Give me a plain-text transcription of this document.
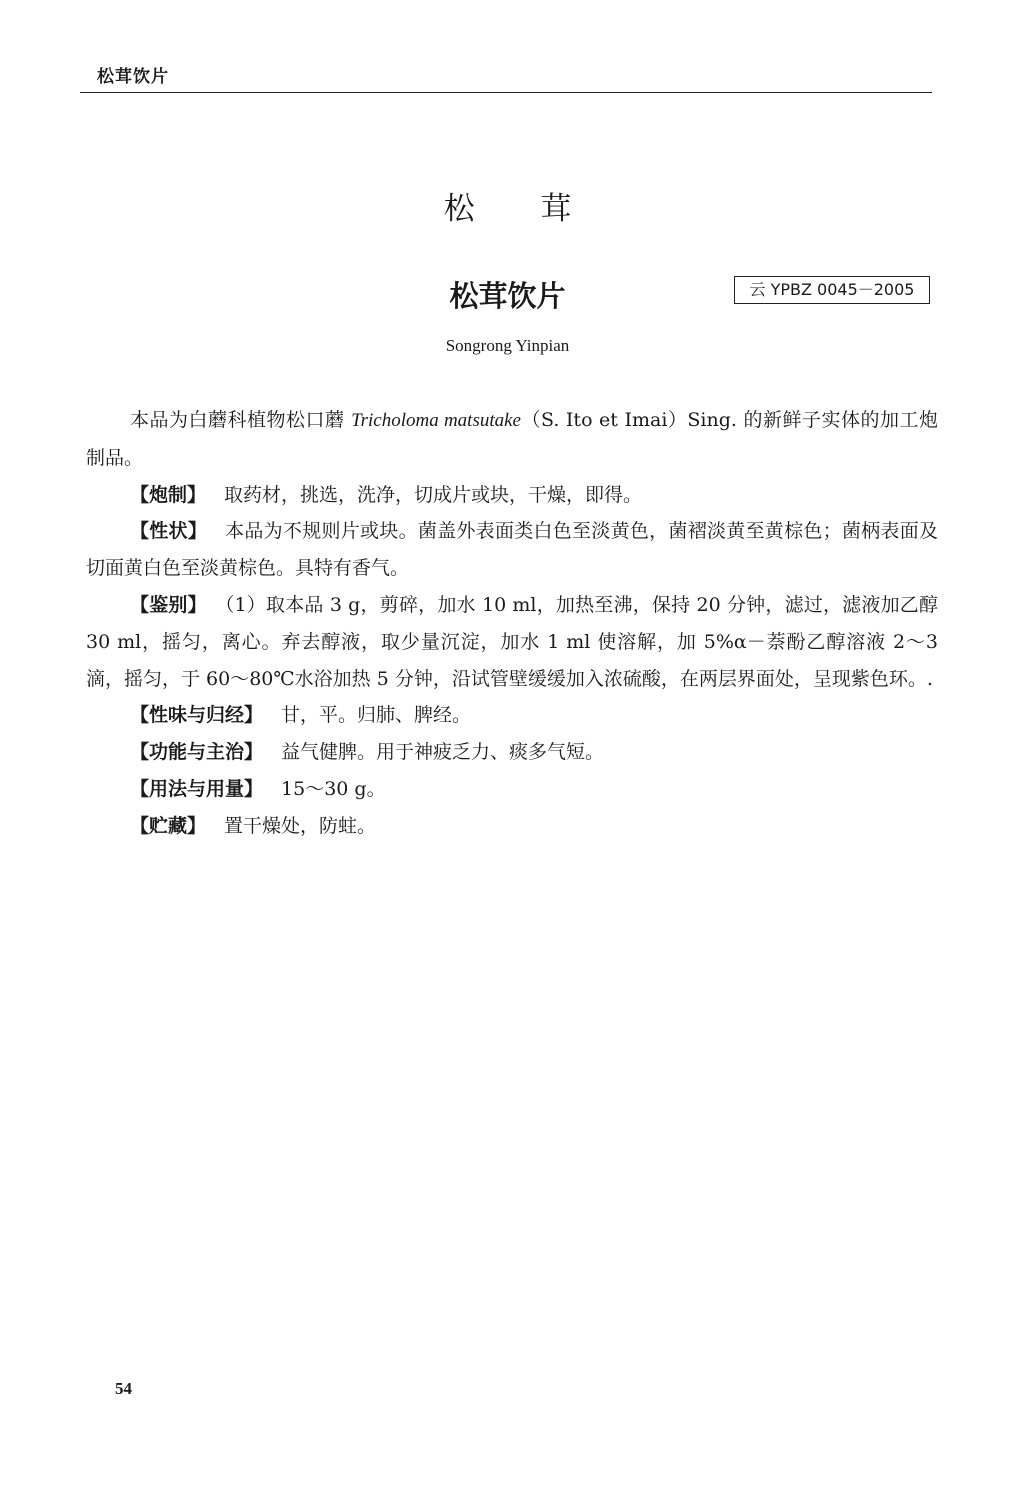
松茸饮片
松 茸
松茸饮片	云 YPBZ 0045－2005
Songrong Yinpian

本品为白蘑科植物松口蘑 Tricholoma matsutake（S. Ito et Imai）Sing. 的新鲜子实体的加工炮制品。

【炮制】 取药材，挑选，洗净，切成片或块，干燥，即得。

【性状】 本品为不规则片或块。菌盖外表面类白色至淡黄色，菌褶淡黄至黄棕色；菌柄表面及切面黄白色至淡黄棕色。具特有香气。

【鉴别】 （1）取本品 3 g，剪碎，加水 10 ml，加热至沸，保持 20 分钟，滤过，滤液加乙醇 30 ml，摇匀，离心。弃去醇液，取少量沉淀，加水 1 ml 使溶解，加 5%α－萘酚乙醇溶液 2～3 滴，摇匀，于 60～80℃水浴加热 5 分钟，沿试管壁缓缓加入浓硫酸，在两层界面处，呈现紫色环。.

【性味与归经】 甘，平。归肺、脾经。

【功能与主治】 益气健脾。用于神疲乏力、痰多气短。

【用法与用量】 15～30 g。

【贮藏】 置干燥处，防蛀。

54
